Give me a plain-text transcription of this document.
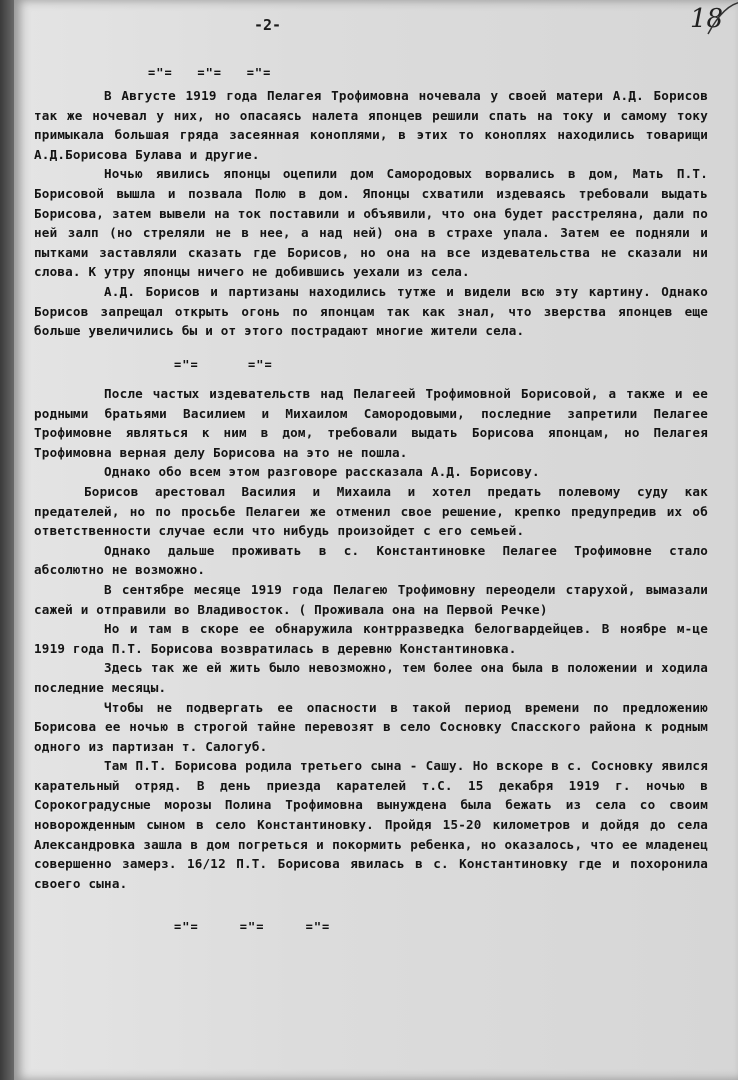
-2-	18
="=   ="=   ="=

В Августе 1919 года Пелагея Трофимовна ночевала у своей матери А.Д. Борисов так же ночевал у них, но опасаясь налета японцев решили спать на току и самому току примыкала большая гряда засеянная коноплями, в этих то коноплях находились товарищи А.Д.Борисова Булава и другие.

Ночью явились японцы оцепили дом Самородовых ворвались в дом, Мать П.Т. Борисовой вышла и позвала Полю в дом. Японцы схватили издеваясь требовали выдать Борисова, затем вывели на ток поставили и объявили, что она будет расстреляна, дали по ней залп (но стреляли не в нее, а над ней) она в страхе упала. Затем ее подняли и пытками заставляли сказать где Борисов, но она на все издевательства не сказали ни слова. К утру японцы ничего не добившись уехали из села.

А.Д. Борисов и партизаны находились тутже и видели всю эту картину. Однако Борисов запрещал открыть огонь по японцам так как знал, что зверства японцев еще больше увеличились бы и от этого пострадают многие жители села.

="=      ="=

После частых издевательств над Пелагеей Трофимовной Борисовой, а также и ее родными братьями Василием и Михаилом Самородовыми, последние запретили Пелагее Трофимовне являться к ним в дом, требовали выдать Борисова японцам, но Пелагея Трофимовна верная делу Борисова на это не пошла.

Однако обо всем этом разговоре рассказала А.Д. Борисову.

Борисов арестовал Василия и Михаила и хотел предать полевому суду как предателей, но по просьбе Пелагеи же отменил свое решение, крепко предупредив их об ответственности случае если что нибудь произойдет с его семьей.

Однако дальше проживать в с. Константиновке Пелагее Трофимовне стало абсолютно не возможно.

В сентябре месяце 1919 года Пелагею Трофимовну переодели старухой, вымазали сажей и отправили во Владивосток. ( Проживала она на Первой Речке)

Но и там в скоре ее обнаружила контрразведка белогвардейцев. В ноябре м-це 1919 года П.Т. Борисова возвратилась в деревню Константиновка.

Здесь так же ей жить было невозможно, тем более она была в положении и ходила последние месяцы.

Чтобы не подвергать ее опасности в такой период времени по предложению Борисова ее ночью в строгой тайне перевозят в село Сосновку Спасского района к родным одного из партизан т. Салогуб.

Там П.Т. Борисова родила третьего сына - Сашу. Но вскоре в с. Сосновку явился карательный отряд. В день приезда карателей т.С. 15 декабря 1919 г. ночью в Сорокоградусные морозы Полина Трофимовна вынуждена была бежать из села со своим новорожденным сыном в село Константиновку. Пройдя 15-20 километров и дойдя до села Александровка зашла в дом погреться и покормить ребенка, но оказалось, что ее младенец совершенно замерз. 16/12 П.Т. Борисова явилась в с. Константиновку где и похоронила своего сына.

="=     ="=     ="=
